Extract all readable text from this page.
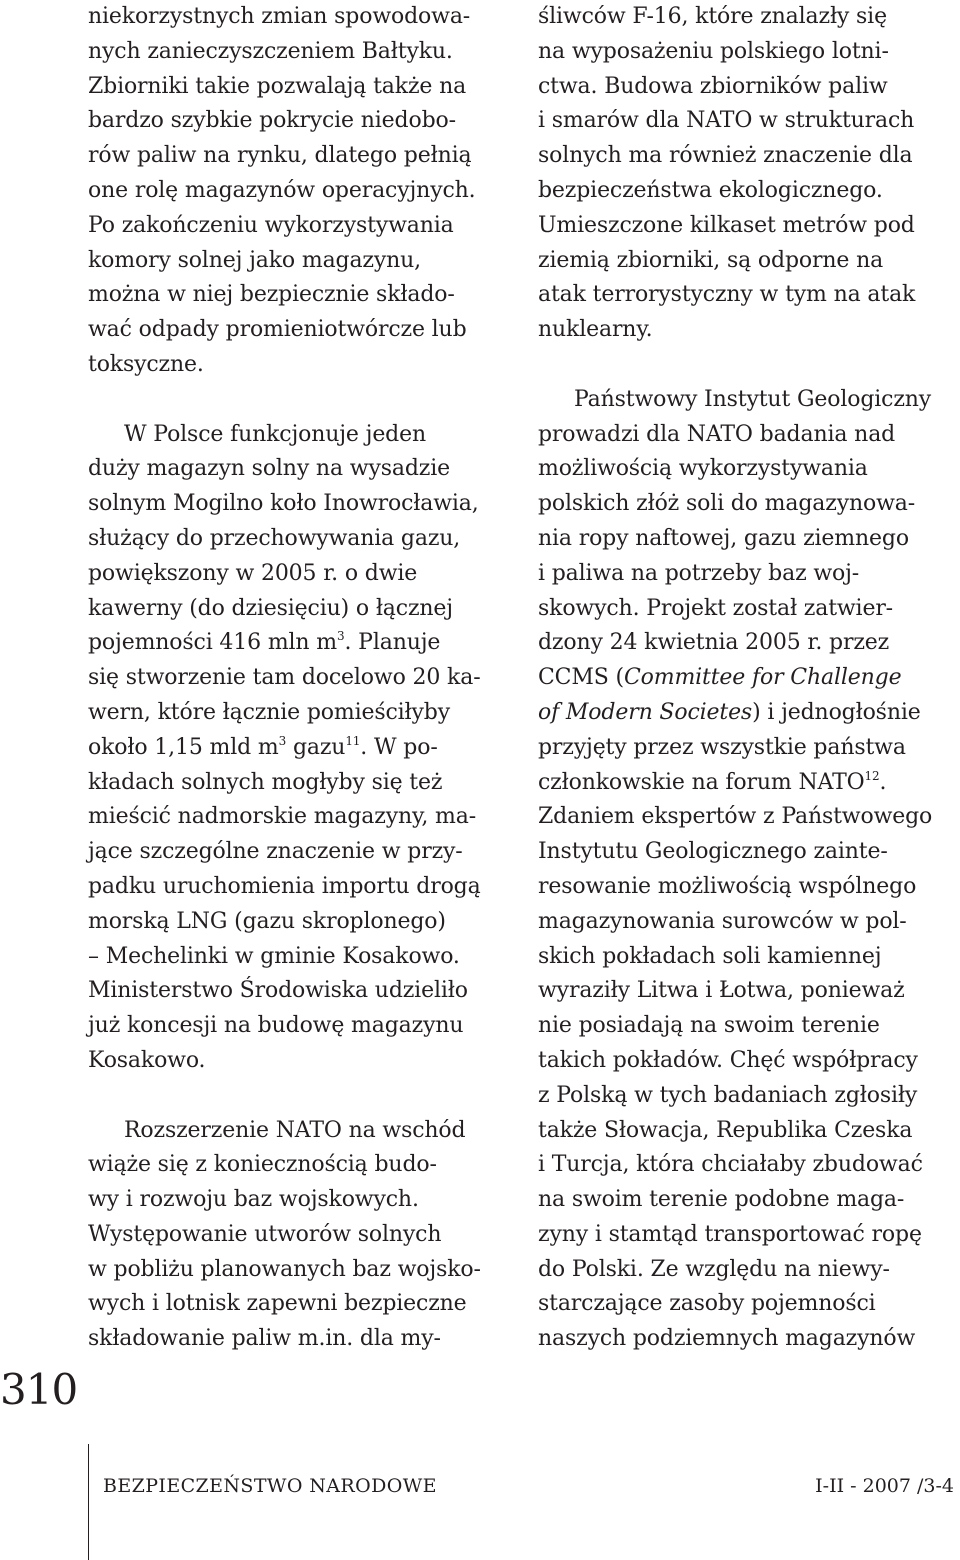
niekorzystnych zmian spowodowa-
nych zanieczyszczeniem Bałtyku.
Zbiorniki takie pozwalają także na
bardzo szybkie pokrycie niedobo-
rów paliw na rynku, dlatego pełnią
one rolę magazynów operacyjnych.
Po zakończeniu wykorzystywania
komory solnej jako magazynu,
można w niej bezpiecznie składo-
wać odpady promieniotwórcze lub
toksyczne.
W Polsce funkcjonuje jeden
duży magazyn solny na wysadzie
solnym Mogilno koło Inowrocławia,
służący do przechowywania gazu,
powiększony w 2005 r. o dwie
kawerny (do dziesięciu) o łącznej
pojemności 416 mln $m^3$. Planuje
się stworzenie tam docelowo 20 ka-
wern, które łącznie pomieściłyby
około 1,15 mld $m^3$ gazu$^{11}$. W po-
kładach solnych mogłyby się też
mieścić nadmorskie magazyny, ma-
jące szczególne znaczenie w przy-
padku uruchomienia importu drogą
morską LNG (gazu skroplonego)
– Mechelinki w gminie Kosakowo.
Ministerstwo Środowiska udzieliło
już koncesji na budowę magazynu
Kosakowo.
Rozszerzenie NATO na wschód
wiąże się z koniecznością budo-
wy i rozwoju baz wojskowych.
Występowanie utworów solnych
w pobliżu planowanych baz wojsko-
wych i lotnisk zapewni bezpieczne
składowanie paliw m.in. dla my-
śliwców F-16, które znalazły się
na wyposażeniu polskiego lotni-
ctwa. Budowa zbiorników paliw
i smarów dla NATO w strukturach
solnych ma również znaczenie dla
bezpieczeństwa ekologicznego.
Umieszczone kilkaset metrów pod
ziemią zbiorniki, są odporne na
atak terrorystyczny w tym na atak
nuklearny.
Państwowy Instytut Geologiczny
prowadzi dla NATO badania nad
możliwością wykorzystywania
polskich złóż soli do magazynowa-
nia ropy naftowej, gazu ziemnego
i paliwa na potrzeby baz woj-
skowych. Projekt został zatwier-
dzony 24 kwietnia 2005 r. przez
CCMS (Committee for Challenge
of Modern Societes) i jednogłośnie
przyjęty przez wszystkie państwa
członkowskie na forum NATO$^{12}$.
Zdaniem ekspertów z Państwowego
Instytutu Geologicznego zainte-
resowanie możliwością wspólnego
magazynowania surowców w pol-
skich pokładach soli kamiennej
wyraziły Litwa i Łotwa, ponieważ
nie posiadają na swoim terenie
takich pokładów. Chęć współpracy
z Polską w tych badaniach zgłosiły
także Słowacja, Republika Czeska
i Turcja, która chciałaby zbudować
na swoim terenie podobne maga-
zyny i stamtąd transportować ropę
do Polski. Ze względu na niewy-
starczające zasoby pojemności
naszych podziemnych magazynów
310
BEZPIECZEŃSTWO NARODOWE	I-II - 2007 /3-4
